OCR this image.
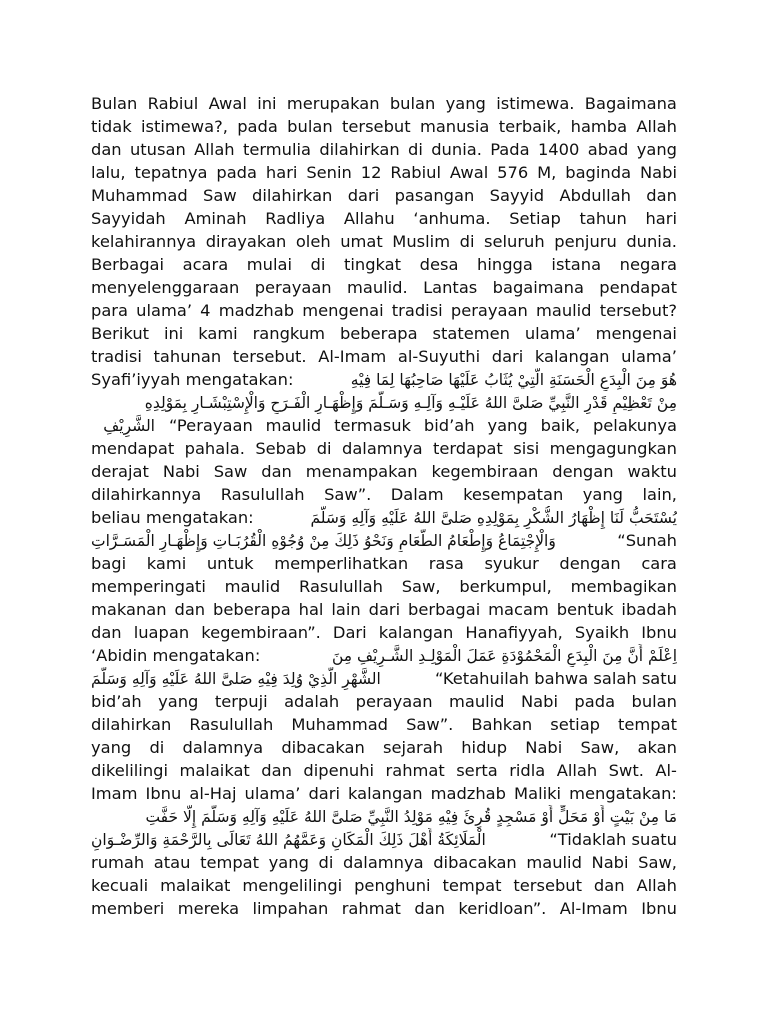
Bulan Rabiul Awal ini merupakan bulan yang istimewa. Bagaimana
tidak istimewa?, pada bulan tersebut manusia terbaik, hamba Allah
dan utusan Allah termulia dilahirkan di dunia. Pada 1400 abad yang
lalu, tepatnya pada hari Senin 12 Rabiul Awal 576 M, baginda Nabi
Muhammad Saw dilahirkan dari pasangan Sayyid Abdullah dan
Sayyidah Aminah Radliya Allahu ‘anhuma. Setiap tahun hari
kelahirannya dirayakan oleh umat Muslim di seluruh penjuru dunia.
Berbagai acara mulai di tingkat desa hingga istana negara
menyelenggaraan perayaan maulid. Lantas bagaimana pendapat
para ulama’ 4 madzhab mengenai tradisi perayaan maulid tersebut?
Berikut ini kami rangkum beberapa statemen ulama’ mengenai
tradisi tahunan tersebut. Al-Imam al-Suyuthi dari kalangan ulama’
Syafi’iyyah mengatakan:	هُوَ مِنَ الْبِدَعِ الْحَسَنَةِ الَّتِيْ يُثَابُ عَلَيْهَا صَاحِبُهَا لِمَا فِيْهِ
مِنْ تَعْظِيْمِ قَدْرِ النَّبِيِّ صَلىَّ اللهُ عَلَيْـهِ وَآلِـهِ وَسَـلَّمَ وَإِظْهَـارِ الْفَـرَحِ وَالْإِسْتِبْشَـارِ بِمَوْلِدِهِ
الشَّرِيْفِ “Perayaan maulid termasuk bid’ah yang baik, pelakunya
mendapat pahala. Sebab di dalamnya terdapat sisi mengagungkan
derajat Nabi Saw dan menampakan kegembiraan dengan waktu
dilahirkannya Rasulullah Saw”. Dalam kesempatan yang lain,
beliau mengatakan:	يُسْتَحَبُّ لَنَا إِظْهَارُ الشُّكْرِ بِمَوْلِدِهِ صَلىَّ اللهُ عَلَيْهِ وَآلِهِ وَسَلَّمَ
وَالْإِجْتِمَاعُ وَإِطْعَامُ الطَّعَامِ وَنَحْوُ ذَلِكَ مِنْ وُجُوْهِ الْقُرُبَـاتِ وَإِظْهَـارِ الْمَسَـرَّاتِ	“Sunah
bagi kami untuk memperlihatkan rasa syukur dengan cara
memperingati maulid Rasulullah Saw, berkumpul, membagikan
makanan dan beberapa hal lain dari berbagai macam bentuk ibadah
dan luapan kegembiraan”. Dari kalangan Hanafiyyah, Syaikh Ibnu
‘Abidin mengatakan:	اِعْلَمْ أَنَّ مِنَ الْبِدَعِ الْمَحْمُوْدَةِ عَمَلَ الْمَوْلِـدِ الشَّـرِيْفِ مِنَ
الشَّهْرِ الَّذِيْ وُلِدَ فِيْهِ صَلىَّ اللهُ عَلَيْهِ وَآلِهِ وَسَلَّمَ	“Ketahuilah bahwa salah satu
bid’ah yang terpuji adalah perayaan maulid Nabi pada bulan
dilahirkan Rasulullah Muhammad Saw”. Bahkan setiap tempat
yang di dalamnya dibacakan sejarah hidup Nabi Saw, akan
dikelilingi malaikat dan dipenuhi rahmat serta ridla Allah Swt. Al-
Imam Ibnu al-Haj ulama’ dari kalangan madzhab Maliki mengatakan:
مَا مِنْ بَيْتٍ أَوْ مَحَلٍّ أَوْ مَسْجِدٍ قُرِئَ فِيْهِ مَوْلِدُ النَّبِيِّ صَلىَّ اللهُ عَلَيْهِ وَآلِهِ وَسَلَّمَ إِلَّا حَفَّتِ
الْمَلَائِكَةُ أَهْلَ ذَلِكَ الْمَكَانِ وَعَمَّهُمُ اللهُ تَعَالَى بِالرَّحْمَةِ وَالرِّضْـوَانِ	“Tidaklah suatu
rumah atau tempat yang di dalamnya dibacakan maulid Nabi Saw,
kecuali malaikat mengelilingi penghuni tempat tersebut dan Allah
memberi mereka limpahan rahmat dan keridloan”. Al-Imam Ibnu
